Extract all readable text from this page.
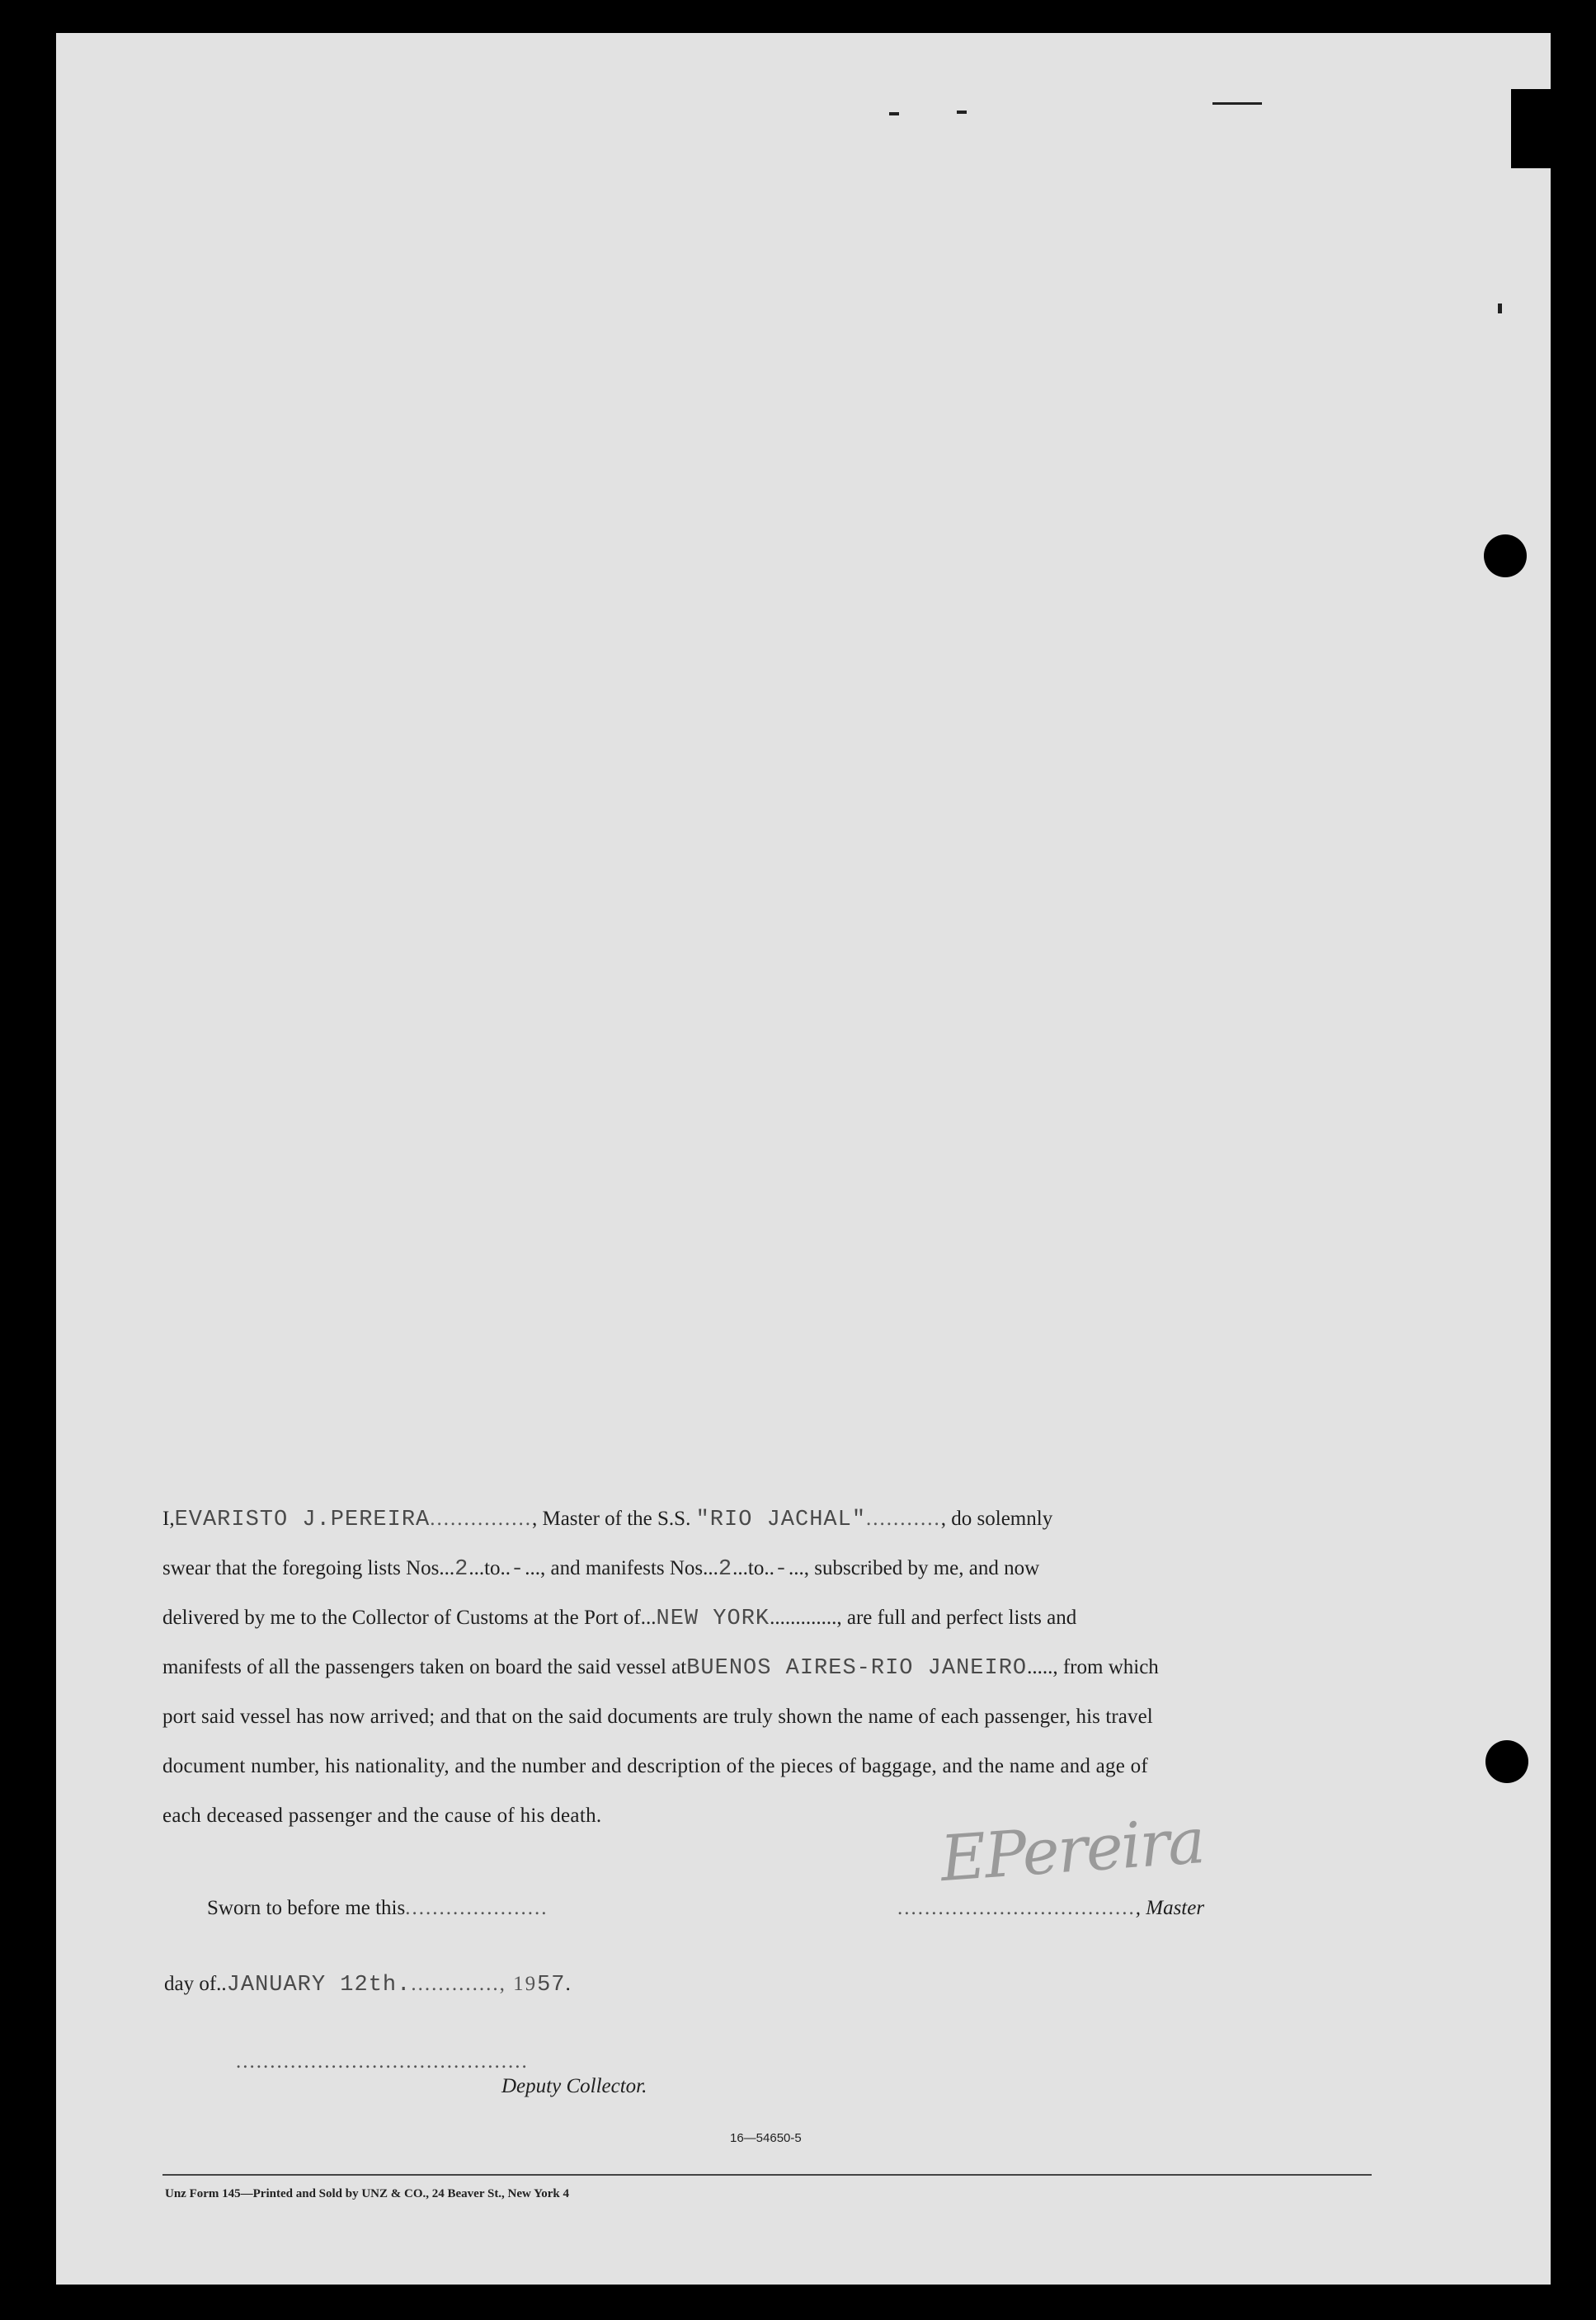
I,EVARISTO J.PEREIRA..............., Master of the S.S. "RIO JACHAL"..........., do solemnly
swear that the foregoing lists Nos...2...to..-..., and manifests Nos...2...to..-..., subscribed by me, and now
delivered by me to the Collector of Customs at the Port of...NEW YORK............., are full and perfect lists and
manifests of all the passengers taken on board the said vessel atBUENOS AIRES-RIO JANEIRO....., from which
port said vessel has now arrived; and that on the said documents are truly shown the name of each passenger, his travel
document number, his nationality, and the number and description of the pieces of baggage, and the name and age of
each deceased passenger and the cause of his death.
Sworn to before me this.....................
EPereira
..................................., Master
day of..JANUARY 12th.............., 1957.
...........................................
Deputy Collector.
16—54650-5
Unz Form 145—Printed and Sold by UNZ & CO., 24 Beaver St., New York 4
